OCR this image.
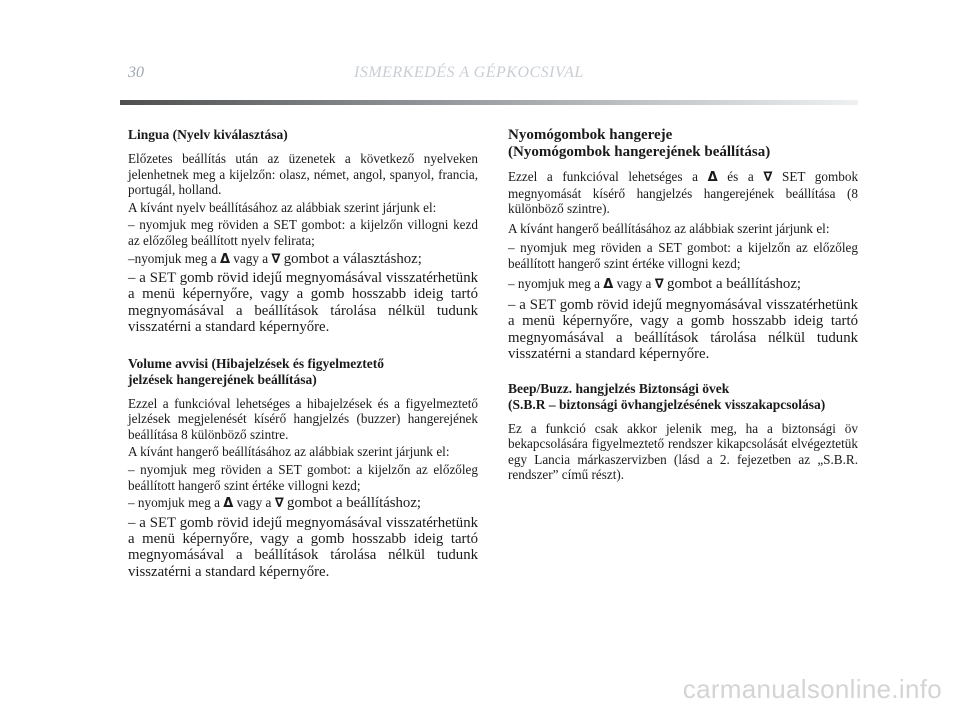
30	ISMERKEDÉS A GÉPKOCSIVAL
Lingua (Nyelv kiválasztása)
Előzetes beállítás után az üzenetek a következő nyelveken jelenhetnek meg a kijelzőn: olasz, német, angol, spanyol, francia, portugál, holland.
A kívánt nyelv beállításához az alábbiak szerint járjunk el:
– nyomjuk meg röviden a SET gombot: a kijelzőn villogni kezd az előzőleg beállított nyelv felirata;
–nyomjuk meg a Δ vagy a ∇ gombot a választáshoz;
– a SET gomb rövid idejű megnyomásával visszatérhetünk a menü képernyőre, vagy a gomb hosszabb ideig tartó megnyomásával a beállítások tárolása nélkül tudunk visszatérni a standard képernyőre.
Volume avvisi (Hibajelzések és figyelmeztető
jelzések hangerejének beállítása)
Ezzel a funkcióval lehetséges a hibajelzések és a figyelmeztető jelzések megjelenését kísérő hangjelzés (buzzer) hangerejének beállítása 8 különböző szintre.
A kívánt hangerő beállításához az alábbiak szerint járjunk el:
– nyomjuk meg röviden a SET gombot: a kijelzőn az előzőleg beállított hangerő szint értéke villogni kezd;
– nyomjuk meg a Δ vagy a ∇ gombot a beállításhoz;
– a SET gomb rövid idejű megnyomásával visszatérhetünk a menü képernyőre, vagy a gomb hosszabb ideig tartó megnyomásával a beállítások tárolása nélkül tudunk visszatérni a standard képernyőre.
Nyomógombok hangereje
(Nyomógombok hangerejének beállítása)
Ezzel a funkcióval lehetséges a Δ és a ∇ SET gombok megnyomását kísérő hangjelzés hangerejének beállítása (8 különböző szintre).
A kívánt hangerő beállításához az alábbiak szerint járjunk el:
– nyomjuk meg röviden a SET gombot: a kijelzőn az előzőleg beállított hangerő szint értéke villogni kezd;
– nyomjuk meg a Δ vagy a ∇ gombot a beállításhoz;
– a SET gomb rövid idejű megnyomásával visszatérhetünk a menü képernyőre, vagy a gomb hosszabb ideig tartó megnyomásával a beállítások tárolása nélkül tudunk visszatérni a standard képernyőre.
Beep/Buzz. hangjelzés Biztonsági övek
(S.B.R – biztonsági övhangjelzésének visszakapcsolása)
Ez a funkció csak akkor jelenik meg, ha a biztonsági öv bekapcsolására figyelmeztető rendszer kikapcsolását elvégeztetük egy Lancia márkaszervizben (lásd a 2. fejezetben az „S.B.R. rendszer” című részt).
carmanualsonline.info
